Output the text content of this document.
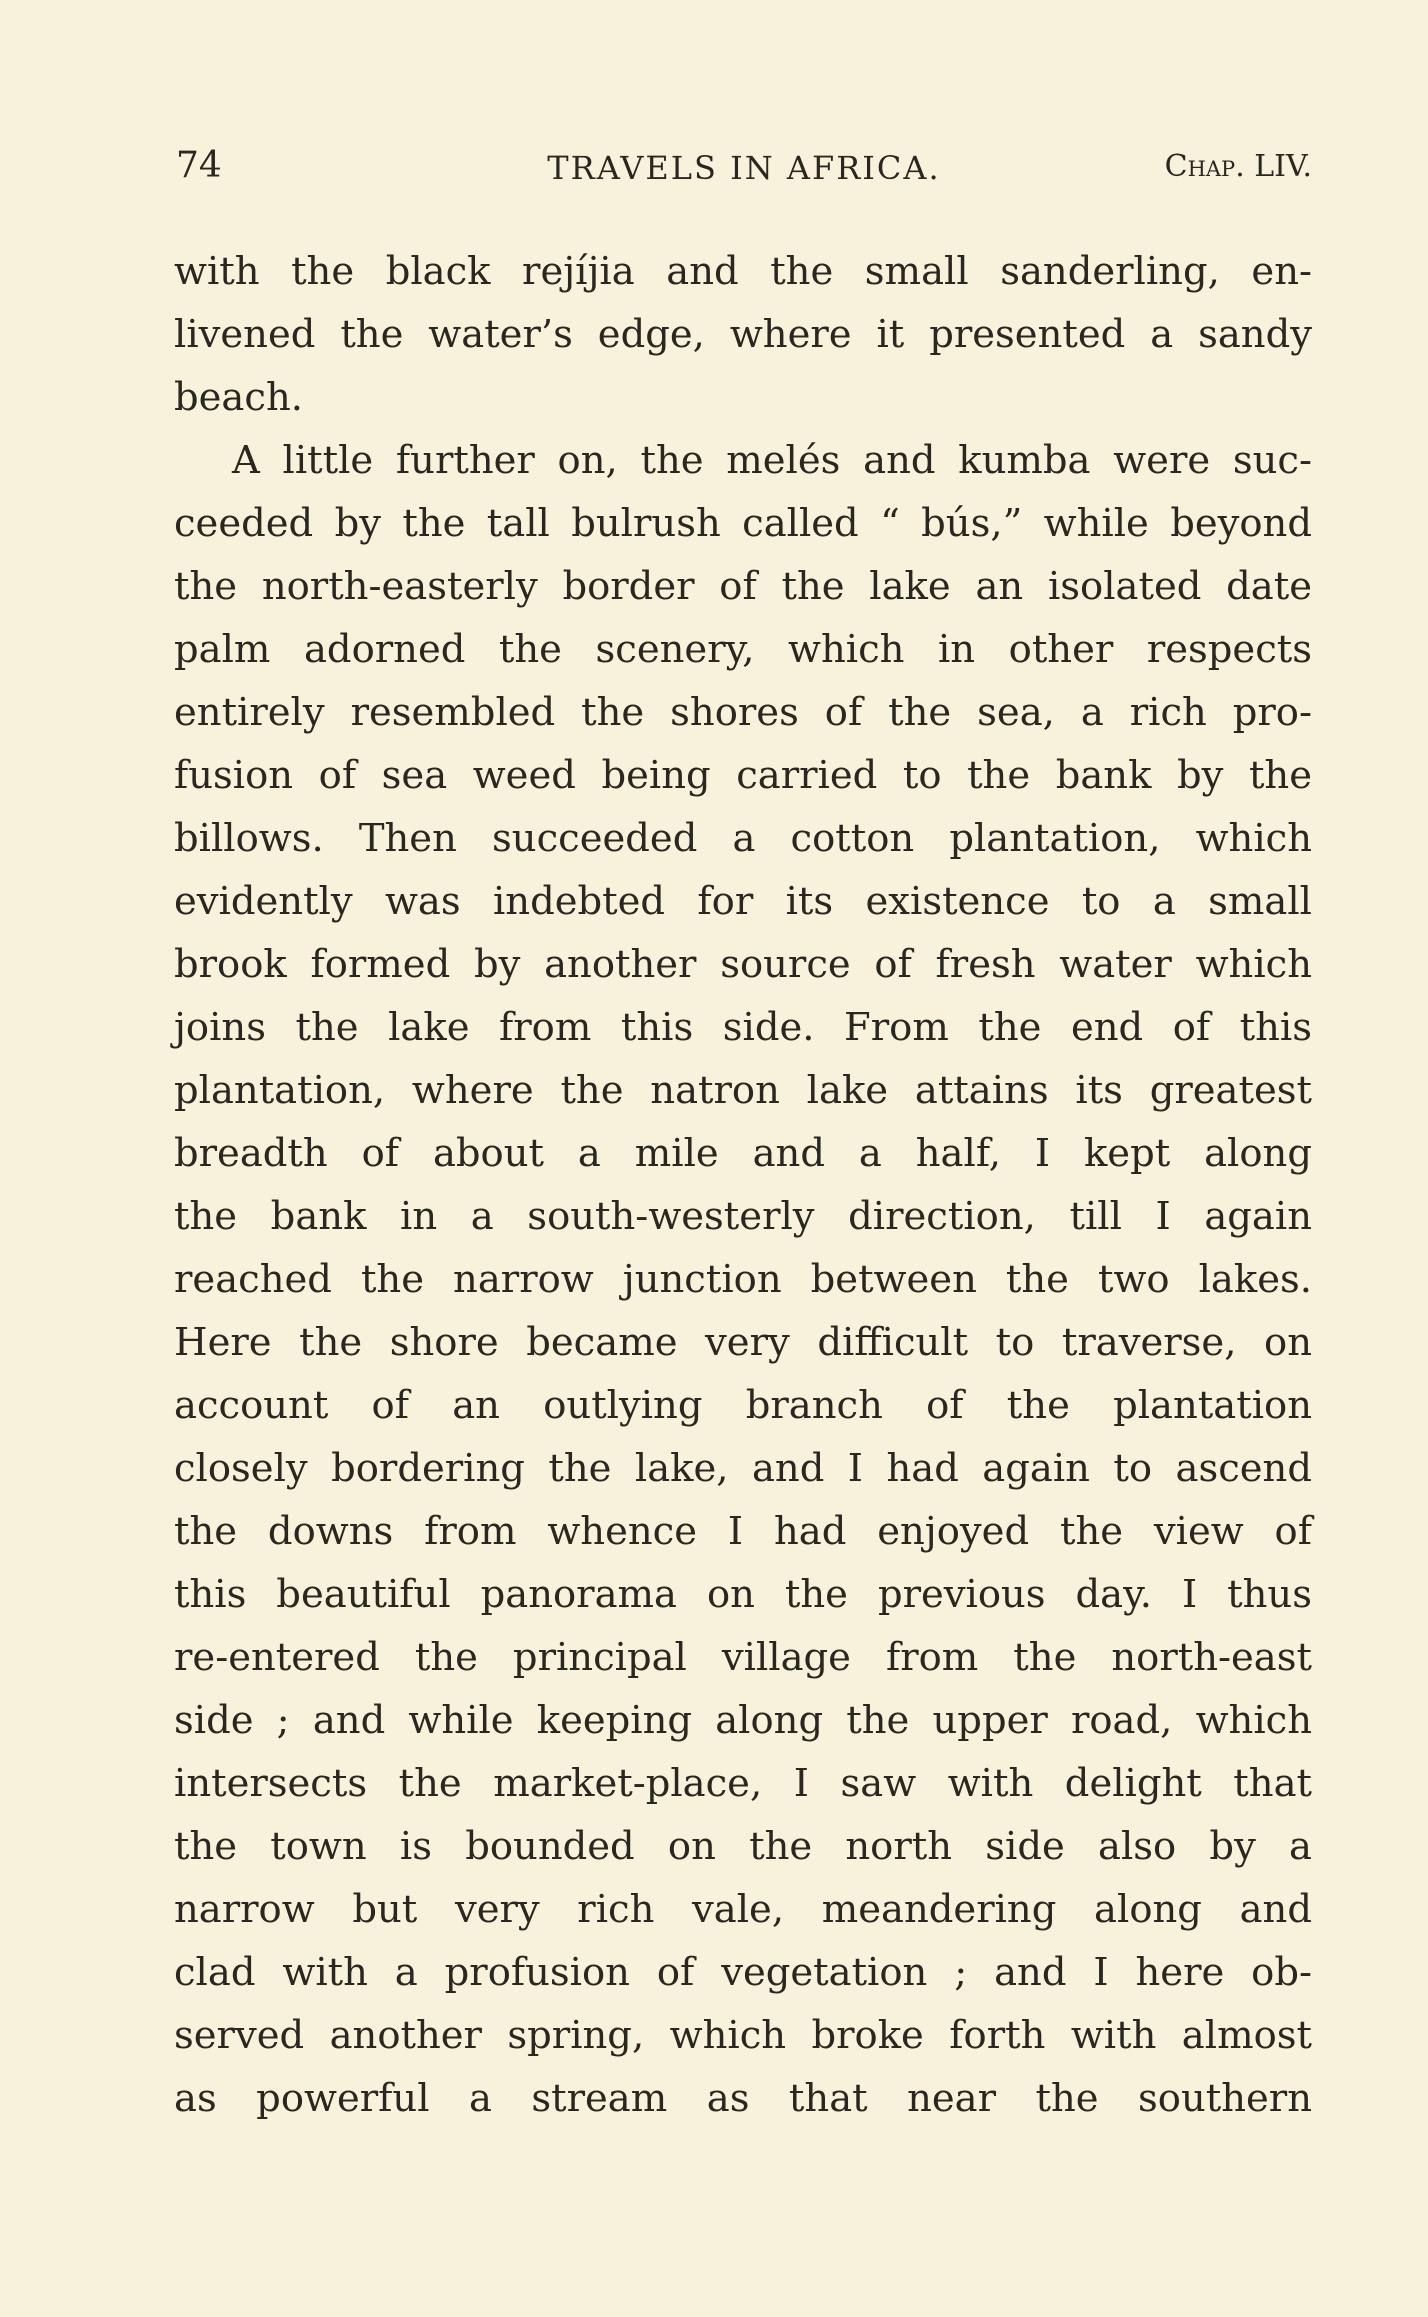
74	TRAVELS IN AFRICA.	Chap. LIV.
with the black rejíjia and the small sanderling, en-
livened the water’s edge, where it presented a sandy
beach.
A little further on, the melés and kumba were suc-
ceeded by the tall bulrush called “ bús,” while beyond
the north-easterly border of the lake an isolated date
palm adorned the scenery, which in other respects
entirely resembled the shores of the sea, a rich pro-
fusion of sea weed being carried to the bank by the
billows. Then succeeded a cotton plantation, which
evidently was indebted for its existence to a small
brook formed by another source of fresh water which
joins the lake from this side. From the end of this
plantation, where the natron lake attains its greatest
breadth of about a mile and a half, I kept along
the bank in a south-westerly direction, till I again
reached the narrow junction between the two lakes.
Here the shore became very difficult to traverse, on
account of an outlying branch of the plantation
closely bordering the lake, and I had again to ascend
the downs from whence I had enjoyed the view of
this beautiful panorama on the previous day. I thus
re-entered the principal village from the north-east
side ; and while keeping along the upper road, which
intersects the market-place, I saw with delight that
the town is bounded on the north side also by a
narrow but very rich vale, meandering along and
clad with a profusion of vegetation ; and I here ob-
served another spring, which broke forth with almost
as powerful a stream as that near the southern
